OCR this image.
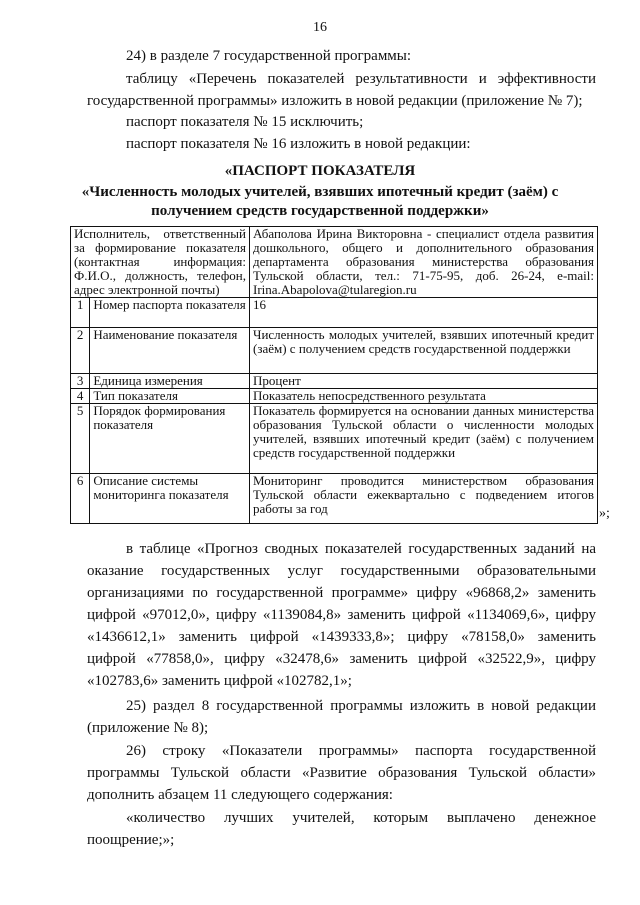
16

24) в разделе 7 государственной программы:

таблицу «Перечень показателей результативности и эффективности

государственной программы» изложить в новой редакции (приложение № 7);

паспорт показателя № 15 исключить;

паспорт показателя № 16 изложить в новой редакции:

«ПАСПОРТ ПОКАЗАТЕЛЯ
«Численность молодых учителей, взявших ипотечный кредит (заём) с
получением средств государственной поддержки»
Исполнитель, ответственный за формирование показателя (контактная информация: Ф.И.О., должность, телефон, адрес электронной почты)		Абаполова Ирина Викторовна - специалист отдела развития дошкольного, общего и дополнительного образования департамента образования министерства образования Тульской области, тел.: 71-75-95, доб. 26-24, e-mail: Irina.Abapolova@tularegion.ru
1	Номер паспорта показателя	16
2	Наименование показателя	Численность молодых учителей, взявших ипотечный кредит (заём) с получением средств государственной поддержки
3	Единица измерения	Процент
4	Тип показателя	Показатель непосредственного результата
5	Порядок формирования показателя	Показатель формируется на основании данных министерства образования Тульской области о численности молодых учителей, взявших ипотечный кредит (заём) с получением средств государственной поддержки
6	Описание системы мониторинга показателя	Мониторинг проводится министерством образования Тульской области ежеквартально с подведением итогов работы за год	»;

в таблице «Прогноз сводных показателей государственных заданий на

оказание государственных услуг государственными образовательными

организациями по государственной программе» цифру «96868,2» заменить

цифрой «97012,0», цифру «1139084,8» заменить цифрой «1134069,6», цифру

«1436612,1» заменить цифрой «1439333,8»; цифру «78158,0» заменить

цифрой «77858,0», цифру «32478,6» заменить цифрой «32522,9», цифру

«102783,6» заменить цифрой «102782,1»;

25) раздел 8 государственной программы изложить в новой редакции

(приложение № 8);

26) строку «Показатели программы» паспорта государственной

программы Тульской области «Развитие образования Тульской области»

дополнить абзацем 11 следующего содержания:

«количество лучших учителей, которым выплачено денежное

поощрение;»;
